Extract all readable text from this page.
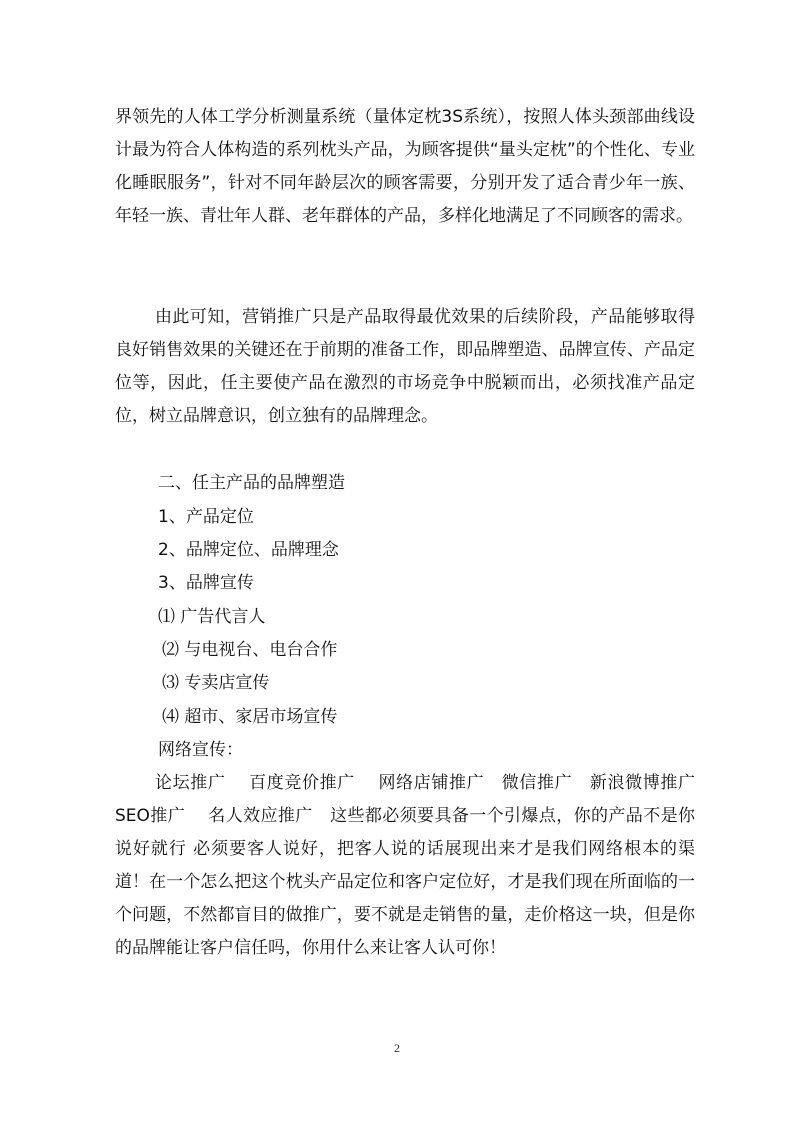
界领先的人体工学分析测量系统（量体定枕3S系统），按照人体头颈部曲线设计最为符合人体构造的系列枕头产品，为顾客提供“量头定枕”的个性化、专业化睡眠服务”，针对不同年龄层次的顾客需要，分别开发了适合青少年一族、年轻一族、青壮年人群、老年群体的产品，多样化地满足了不同顾客的需求。

由此可知，营销推广只是产品取得最优效果的后续阶段，产品能够取得良好销售效果的关键还在于前期的准备工作，即品牌塑造、品牌宣传、产品定位等，因此，任主要使产品在激烈的市场竞争中脱颖而出，必须找准产品定位，树立品牌意识，创立独有的品牌理念。

二、任主产品的品牌塑造

1、产品定位

2、品牌定位、品牌理念

3、品牌宣传

⑴ 广告代言人

⑵ 与电视台、电台合作

⑶ 专卖店宣传

⑷ 超市、家居市场宣传

网络宣传：

论坛推广　 百度竞价推广　 网络店铺推广　微信推广　新浪微博推广　 SEO推广　 名人效应推广　这些都必须要具备一个引爆点，你的产品不是你说好就行 必须要客人说好，把客人说的话展现出来才是我们网络根本的渠道！在一个怎么把这个枕头产品定位和客户定位好，才是我们现在所面临的一个问题，不然都盲目的做推广，要不就是走销售的量，走价格这一块，但是你的品牌能让客户信任吗，你用什么来让客人认可你！

2
